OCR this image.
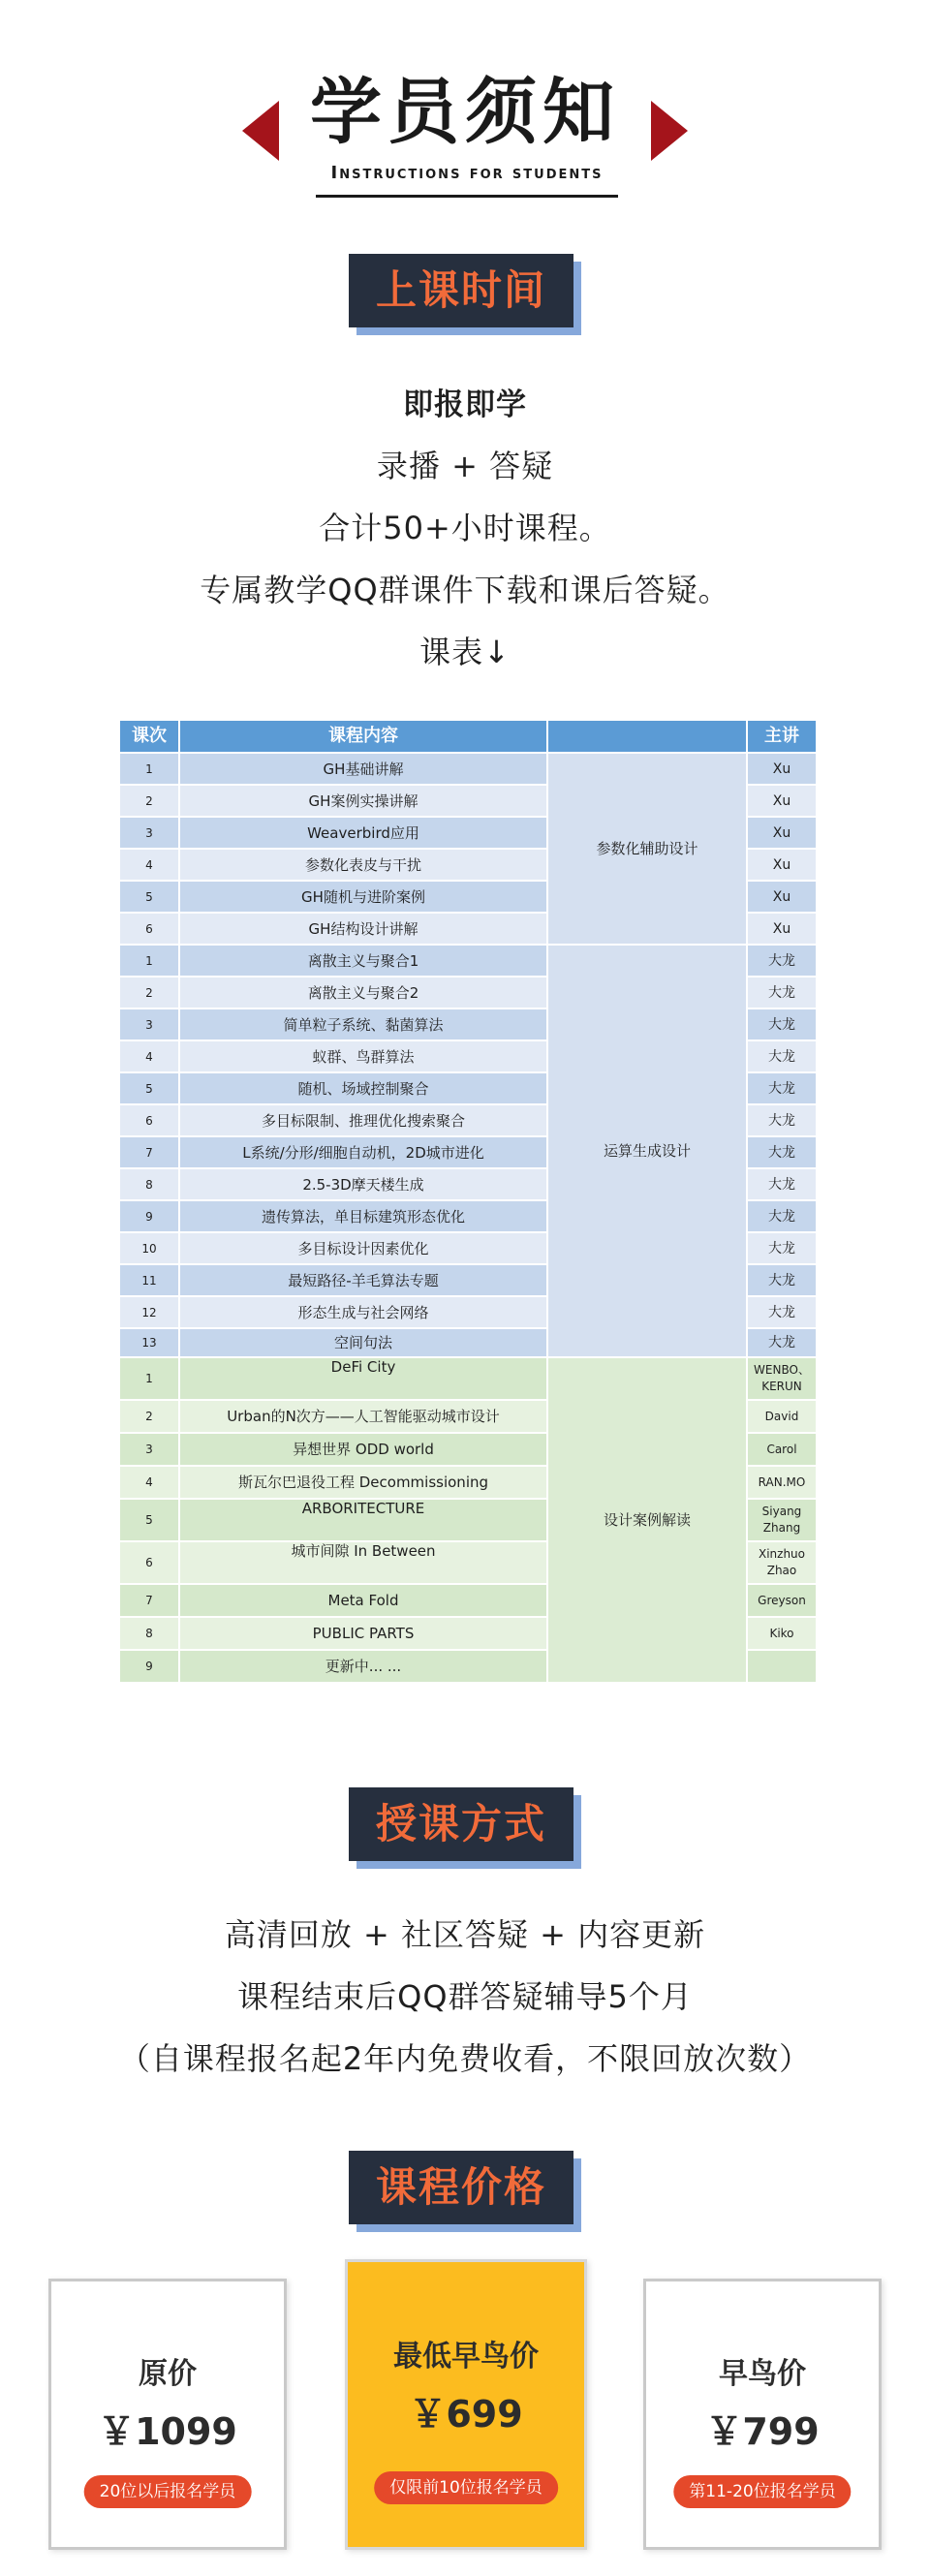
学员须知
Instructions for students
上课时间
即报即学
录播 + 答疑
合计50+小时课程。
专属教学QQ群课件下载和课后答疑。
课表↓
课次	课程内容		主讲
1	GH基础讲解	参数化辅助设计	Xu
2	GH案例实操讲解		Xu
3	Weaverbird应用		Xu
4	参数化表皮与干扰		Xu
5	GH随机与进阶案例		Xu
6	GH结构设计讲解		Xu
1	离散主义与聚合1	运算生成设计	大龙
2	离散主义与聚合2		大龙
3	简单粒子系统、黏菌算法		大龙
4	蚁群、鸟群算法		大龙
5	随机、场域控制聚合		大龙
6	多目标限制、推理优化搜索聚合		大龙
7	L系统/分形/细胞自动机，2D城市进化		大龙
8	2.5-3D摩天楼生成		大龙
9	遗传算法，单目标建筑形态优化		大龙
10	多目标设计因素优化		大龙
11	最短路径-羊毛算法专题		大龙
12	形态生成与社会网络		大龙
13	空间句法		大龙
1	DeFi City	设计案例解读	WENBO、KERUN
2	Urban的N次方——人工智能驱动城市设计		David
3	异想世界 ODD world		Carol
4	斯瓦尔巴退役工程 Decommissioning		RAN.MO
5	ARBORITECTURE		Siyang Zhang
6	城市间隙 In Between		Xinzhuo Zhao
7	Meta Fold		Greyson
8	PUBLIC PARTS		Kiko
9	更新中... ...		
授课方式
高清回放 + 社区答疑 + 内容更新
课程结束后QQ群答疑辅导5个月
（自课程报名起2年内免费收看，不限回放次数）
课程价格
原价
￥1099
20位以后报名学员
最低早鸟价
￥699
仅限前10位报名学员
早鸟价
￥799
第11-20位报名学员
